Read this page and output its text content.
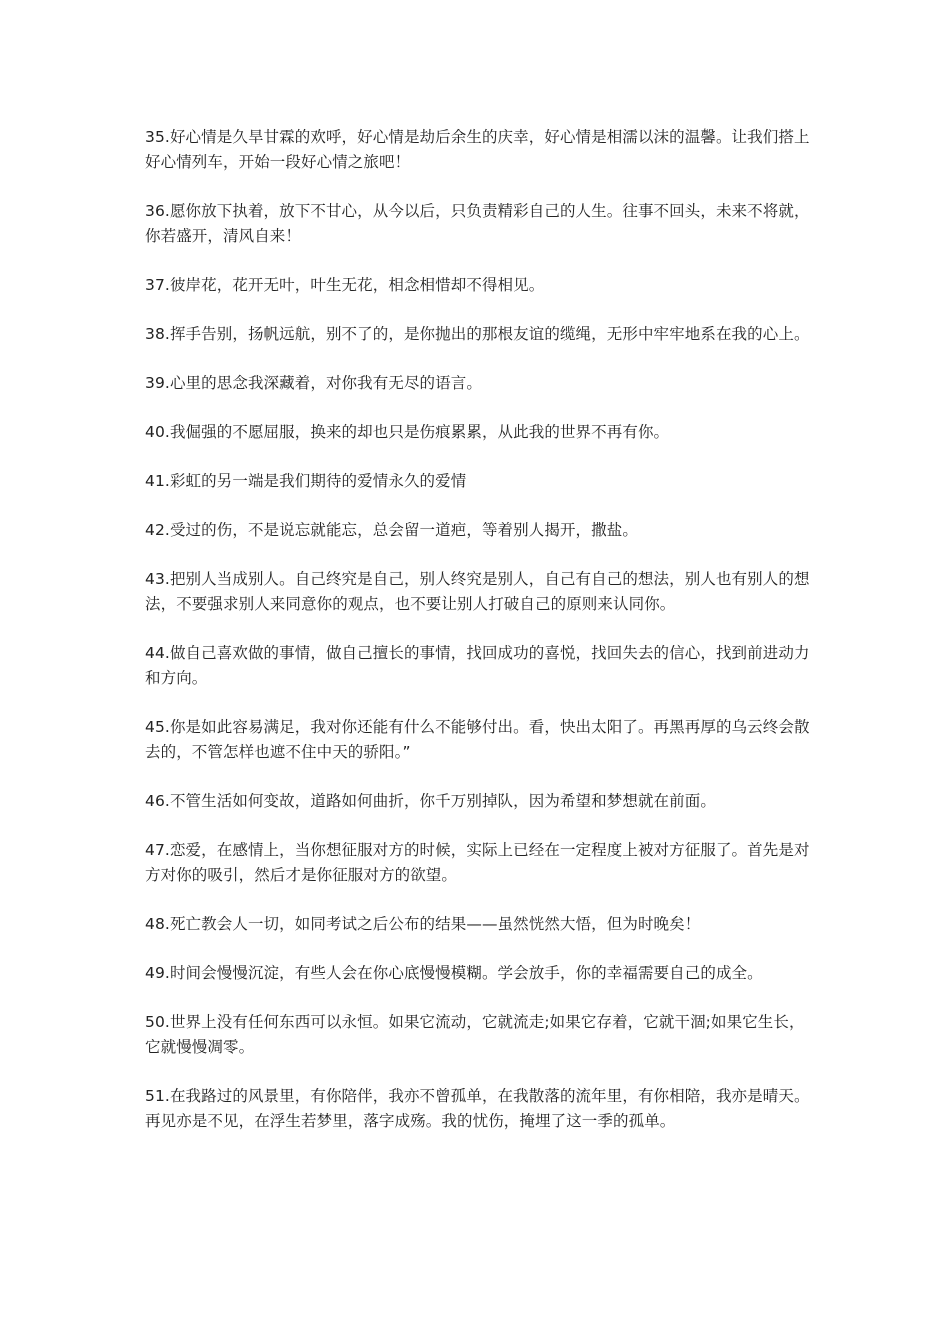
35.好心情是久旱甘霖的欢呼，好心情是劫后余生的庆幸，好心情是相濡以沫的温馨。让我们搭上好心情列车，开始一段好心情之旅吧！

36.愿你放下执着，放下不甘心，从今以后，只负责精彩自己的人生。往事不回头，未来不将就，你若盛开，清风自来！

37.彼岸花，花开无叶，叶生无花，相念相惜却不得相见。

38.挥手告别，扬帆远航，别不了的，是你抛出的那根友谊的缆绳，无形中牢牢地系在我的心上。

39.心里的思念我深藏着，对你我有无尽的语言。

40.我倔强的不愿屈服，换来的却也只是伤痕累累，从此我的世界不再有你。

41.彩虹的另一端是我们期待的爱情永久的爱情

42.受过的伤，不是说忘就能忘，总会留一道疤，等着别人揭开，撒盐。

43.把别人当成别人。自己终究是自己，别人终究是别人，自己有自己的想法，别人也有别人的想法，不要强求别人来同意你的观点，也不要让别人打破自己的原则来认同你。

44.做自己喜欢做的事情，做自己擅长的事情，找回成功的喜悦，找回失去的信心，找到前进动力和方向。

45.你是如此容易满足，我对你还能有什么不能够付出。看，快出太阳了。再黑再厚的乌云终会散去的，不管怎样也遮不住中天的骄阳。”

46.不管生活如何变故，道路如何曲折，你千万别掉队，因为希望和梦想就在前面。

47.恋爱，在感情上，当你想征服对方的时候，实际上已经在一定程度上被对方征服了。首先是对方对你的吸引，然后才是你征服对方的欲望。

48.死亡教会人一切，如同考试之后公布的结果——虽然恍然大悟，但为时晚矣！

49.时间会慢慢沉淀，有些人会在你心底慢慢模糊。学会放手，你的幸福需要自己的成全。

50.世界上没有任何东西可以永恒。如果它流动，它就流走;如果它存着，它就干涸;如果它生长，它就慢慢凋零。

51.在我路过的风景里，有你陪伴，我亦不曾孤单，在我散落的流年里，有你相陪，我亦是晴天。再见亦是不见，在浮生若梦里，落字成殇。我的忧伤，掩埋了这一季的孤单。
